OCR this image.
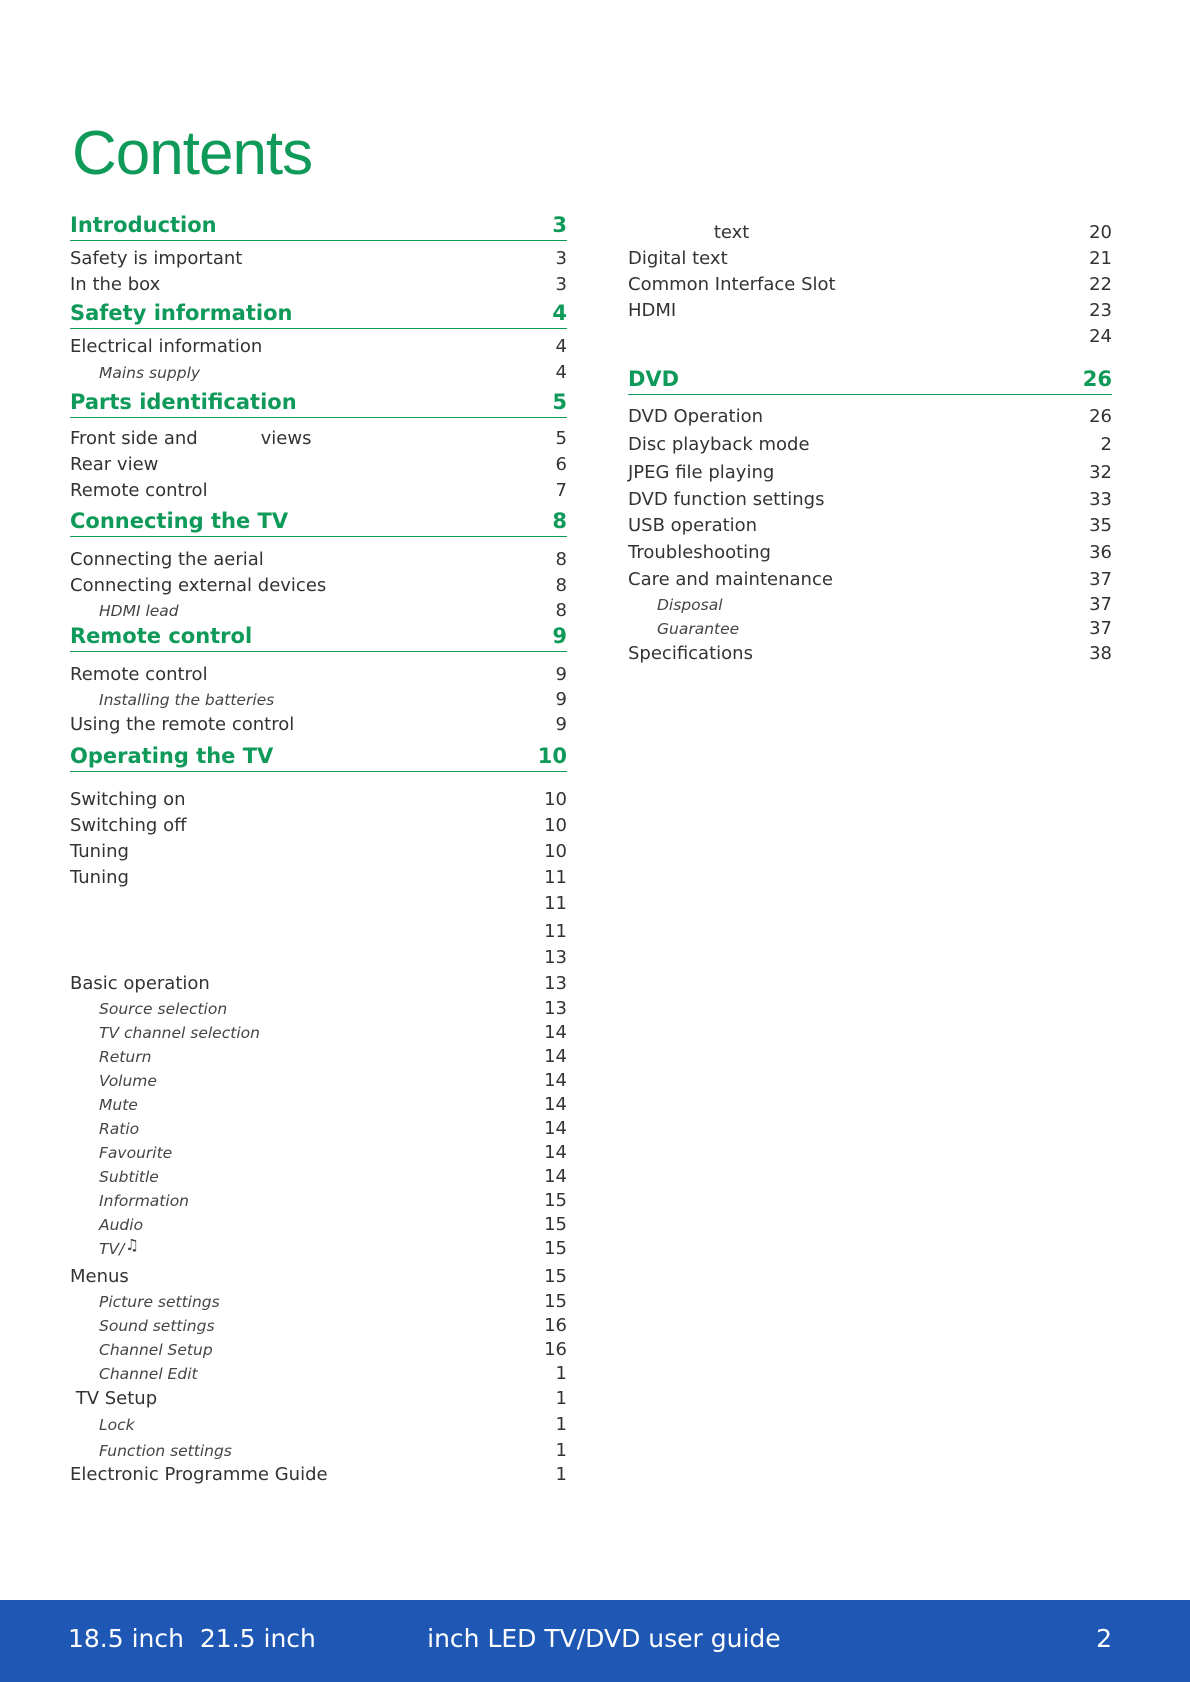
Contents
Introduction	3
Safety is important	3
In the box	3
Safety information	4
Electrical information	4
Mains supply	4
Parts identification	5
Front side and           views	5
Rear view	6
Remote control	7
Connecting the TV	8
Connecting the aerial	8
Connecting external devices	8
HDMI lead	8
Remote control	9
Remote control	9
Installing the batteries	9
Using the remote control	9
Operating the TV	10
Switching on	10
Switching off	10
Tuning	10
Tuning	11
11
11
13
Basic operation	13
Source selection	13
TV channel selection	14
Return	14
Volume	14
Mute	14
Ratio	14
Favourite	14
Subtitle	14
Information	15
Audio	15
TV/ ♫	15
Menus	15
Picture settings	15
Sound settings	16
Channel Setup	16
Channel Edit	1
TV Setup	1
Lock	1
Function settings	1
Electronic Programme Guide	1
text	20
Digital text	21
Common Interface Slot	22
HDMI	23
24
DVD	26
DVD Operation	26
Disc playback mode	2
JPEG file playing	32
DVD function settings	33
USB operation	35
Troubleshooting	36
Care and maintenance	37
Disposal	37
Guarantee	37
Specifications	38
18.5 inch  21.5 inch              inch LED TV/DVD user guide	2
